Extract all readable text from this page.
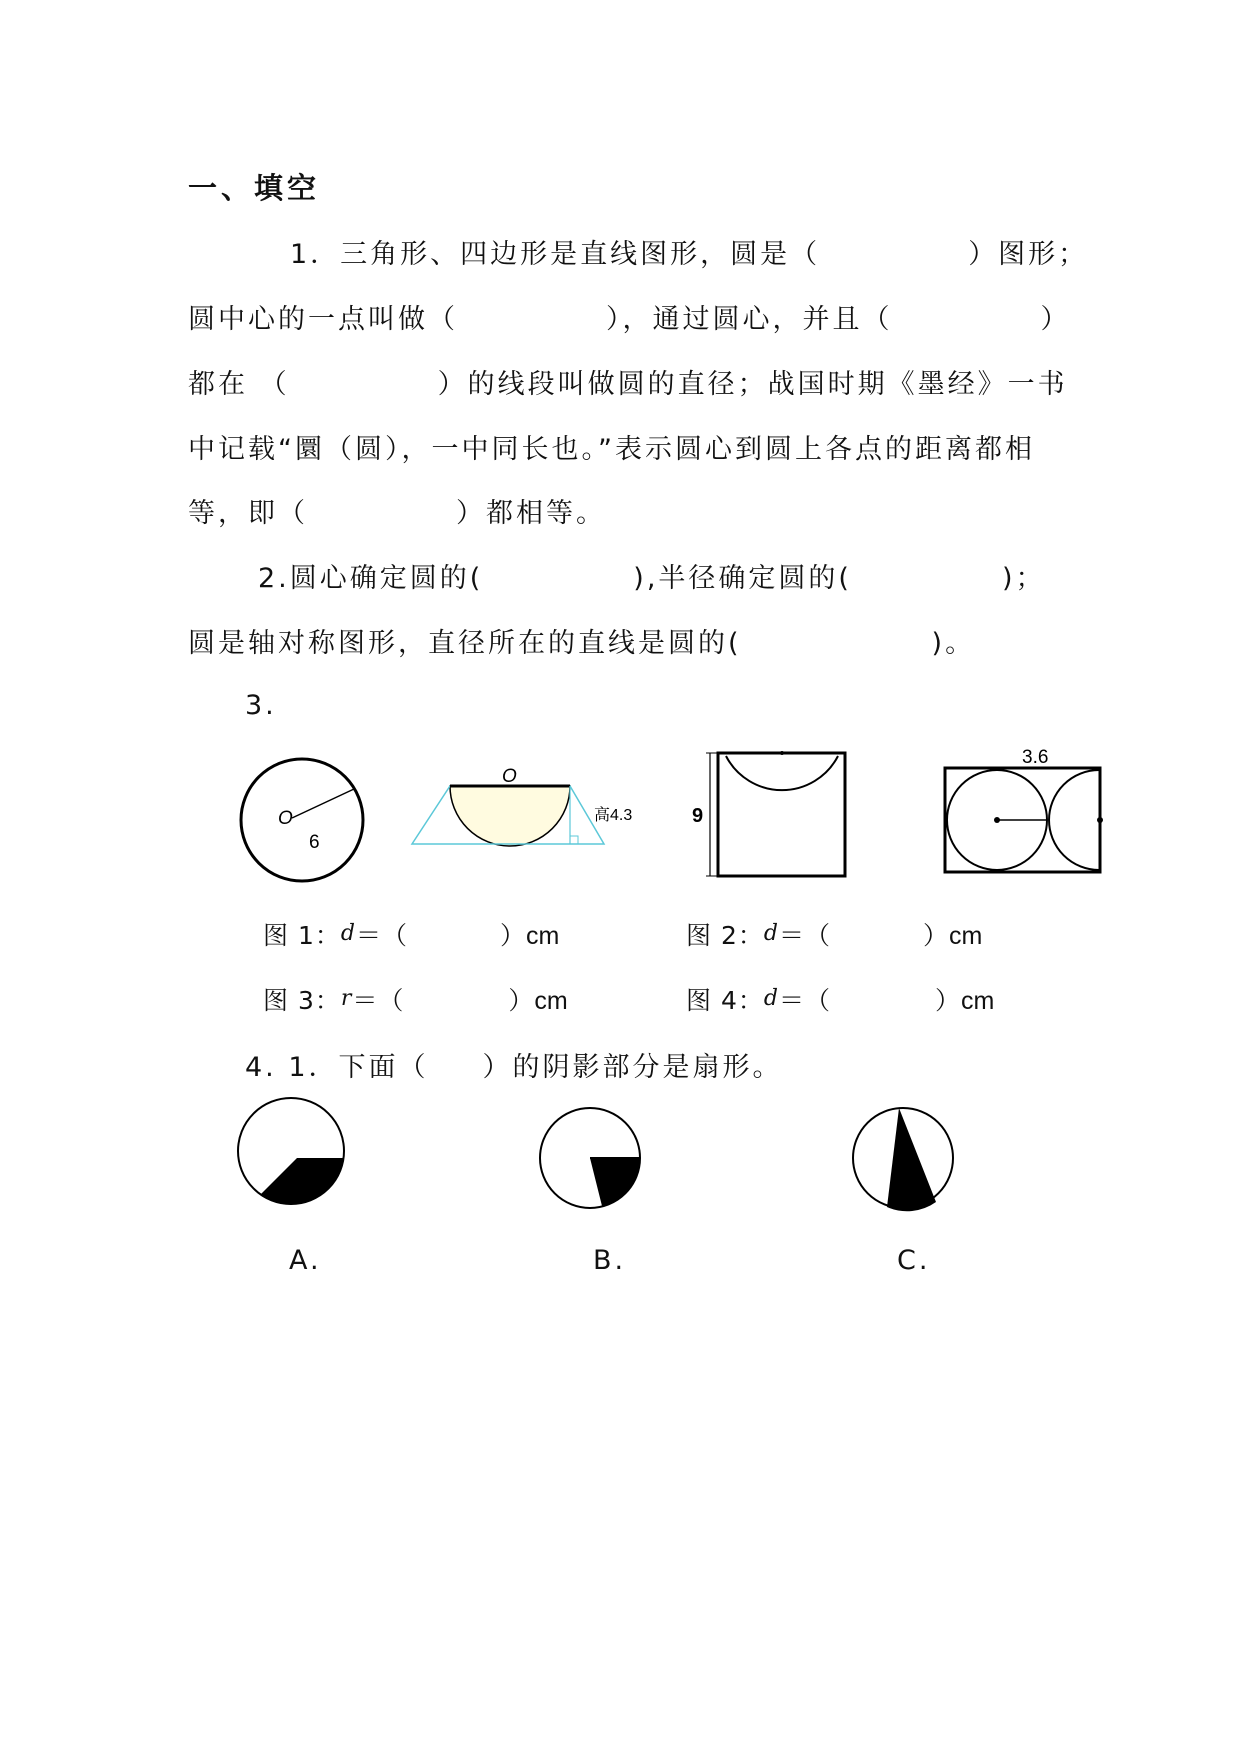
一、填空
1．三角形、四边形是直线图形，圆是（	）图形；
圆中心的一点叫做（	），通过圆心，并且（	）
都在 （	）的线段叫做圆的直径；战国时期《墨经》一书
中记载“圜（圆），一中同长也。”表示圆心到圆上各点的距离都相
等，即（	）都相等。
2.圆心确定圆的(	),半径确定圆的(	)；
圆是轴对称图形，直径所在的直线是圆的(	)。
3.
O
6
O
高4.3	9
3.6
图 1：d＝（	）cm	图 2：d＝（	）cm
图 3：r＝（	）cm	图 4：d＝（	）cm
4. 1．下面（ ）的阴影部分是扇形。
A.	B.	C.
